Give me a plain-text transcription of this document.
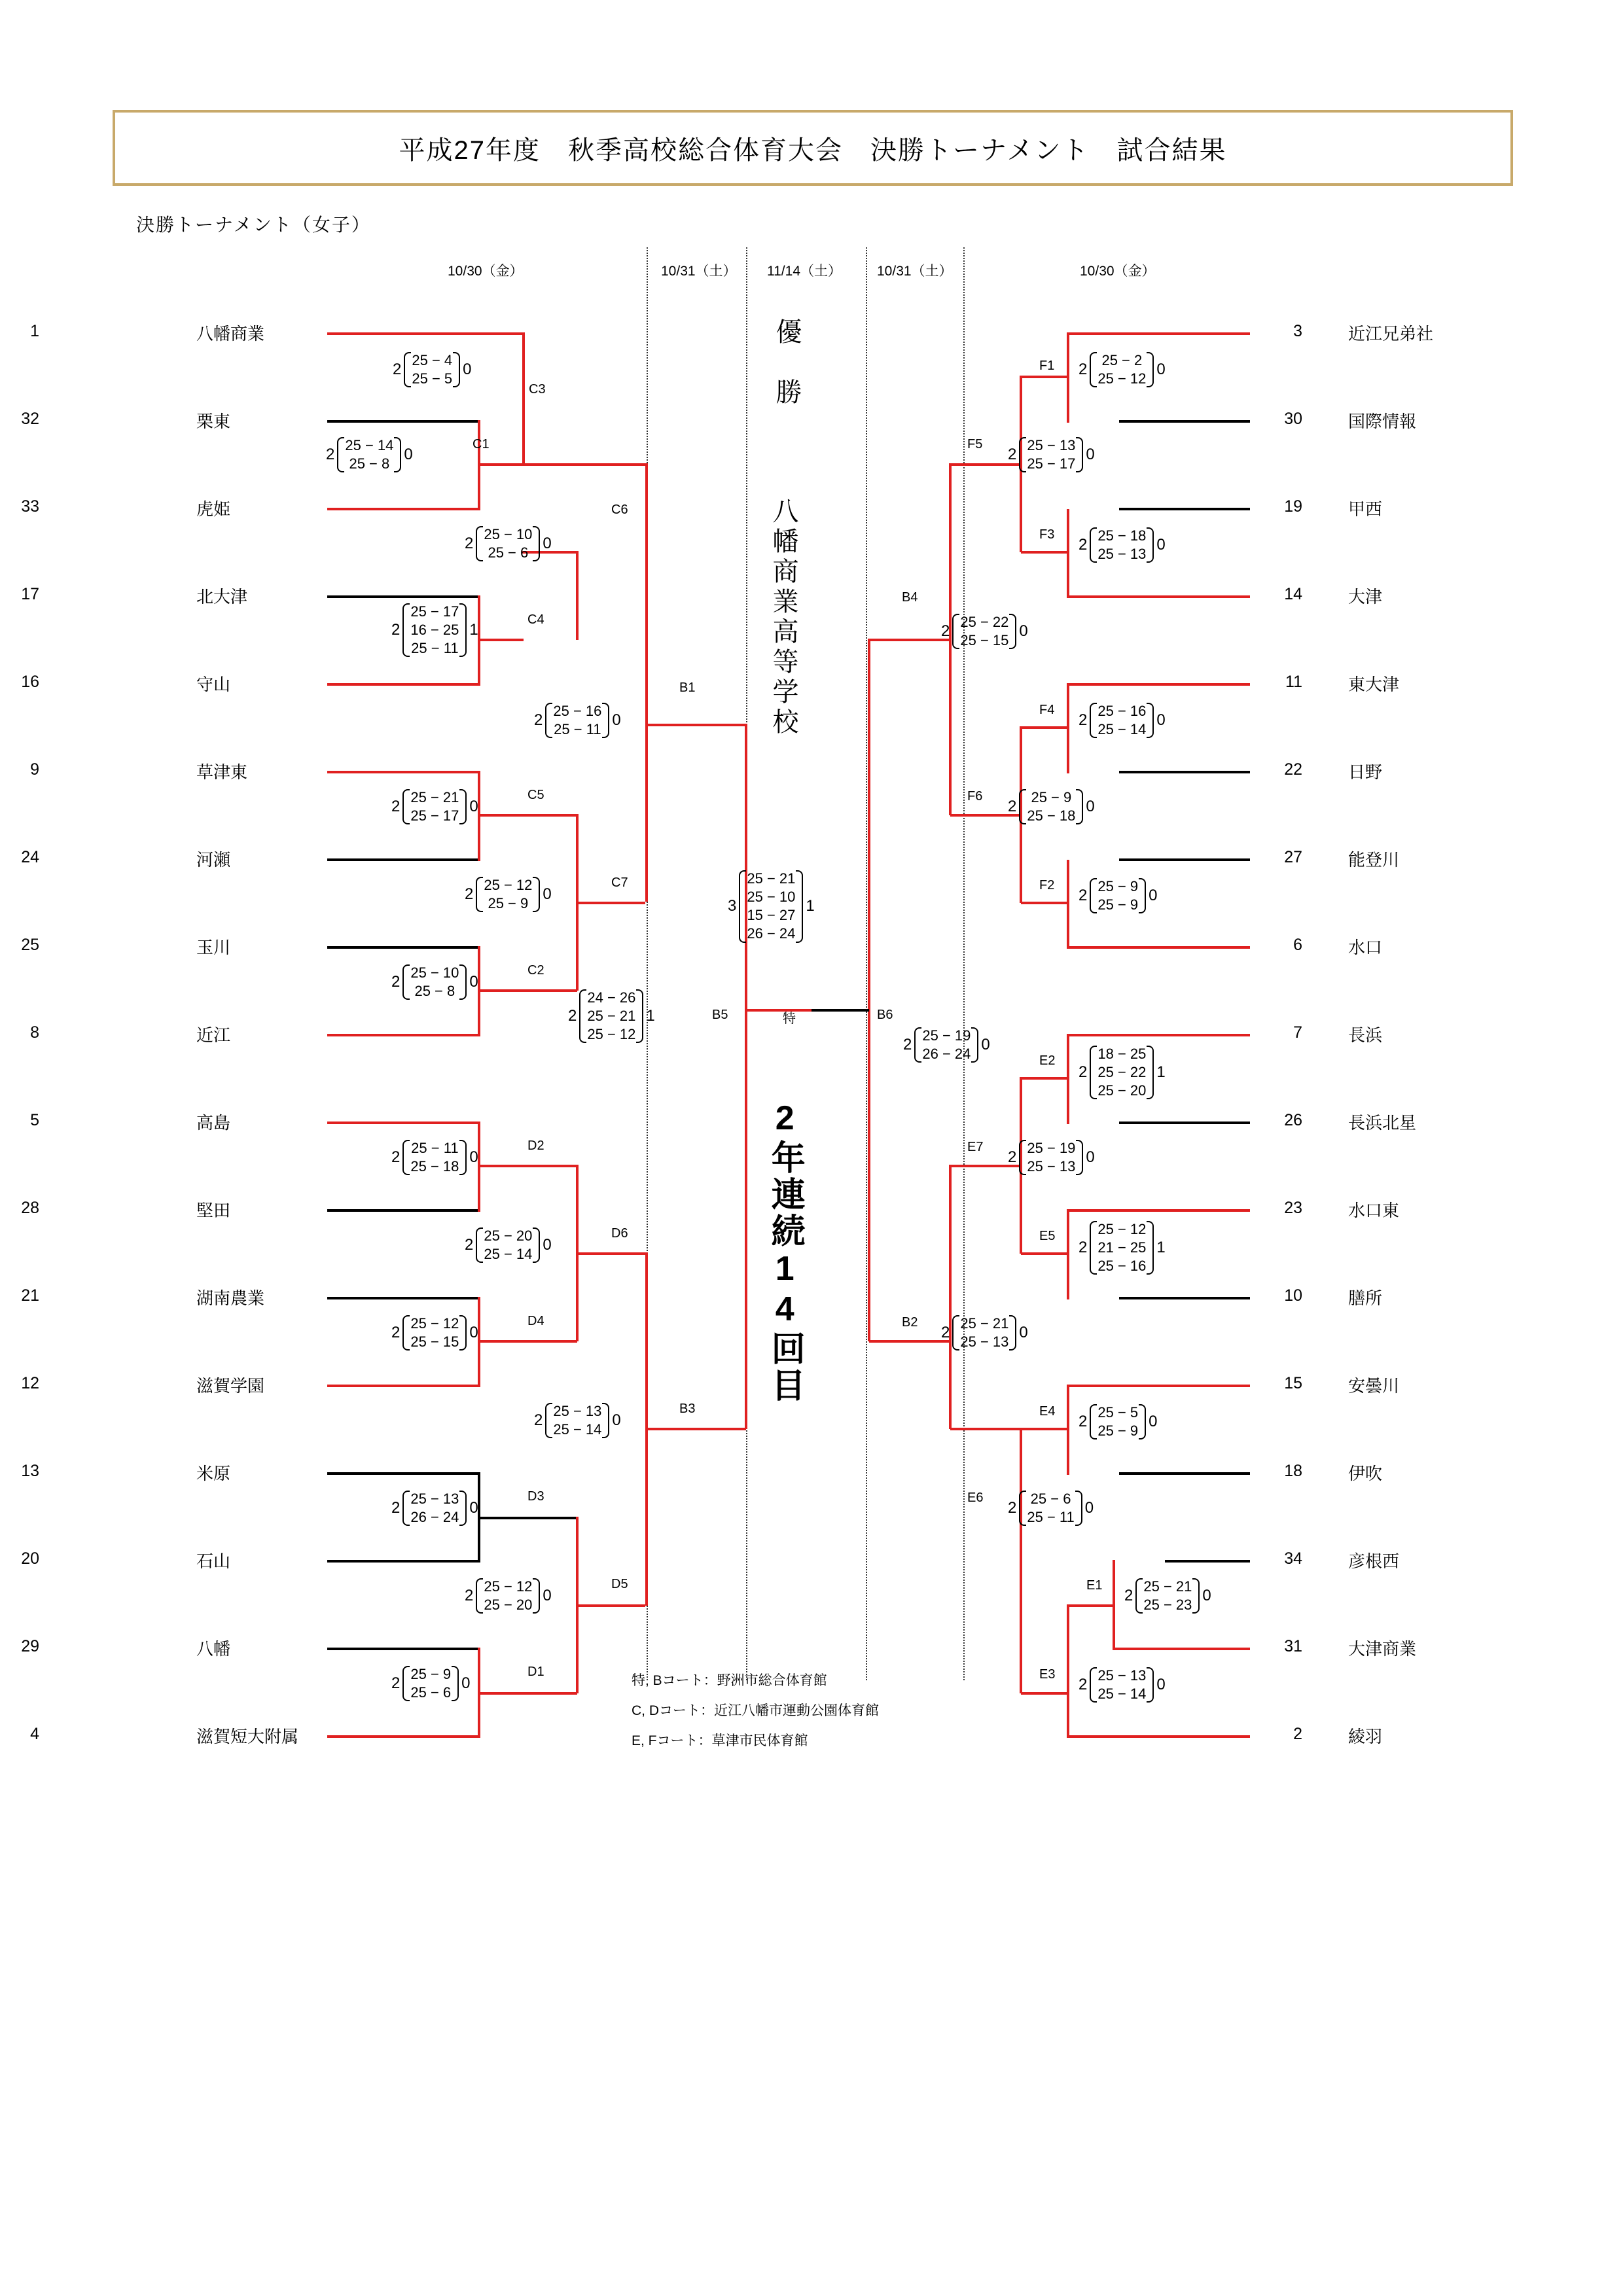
平成27年度　秋季高校総合体育大会　決勝トーナメント　試合結果
決勝トーナメント（女子）
10/30（金）	10/31（土） 11/14（土）	10/31（土）	10/30（金）
1	八幡商業
32	栗東
33	虎姫
17	北大津
16	守山
9	草津東
24	河瀬
25	玉川
8	近江
5	高島
28	堅田
21	湖南農業
12	滋賀学園
13	米原
20	石山
29	八幡
4	滋賀短大附属
3	近江兄弟社
30	国際情報
19	甲西
14	大津
11	東大津
22	日野
27	能登川
6	水口
7	長浜
26	長浜北星
23	水口東
10	膳所
15	安曇川
18	伊吹
34	彦根西
31	大津商業
2	綾羽
2
25 − 4
25 − 5
0
C3
2
25 − 14
25 − 8
0
C1
2
25 − 10
25 − 6
0
C6
2
25 − 17
16 − 25
25 − 11
1
C4
2
25 − 16
25 − 11
0
B1
2
25 − 21
25 − 17
0
C5
2
25 − 12
25 − 9
0
C7
2
25 − 10
25 − 8
0
C2
2
24 − 26
25 − 21
25 − 12
1	B5
2
25 − 11
25 − 18
0
D2
2
25 − 20
25 − 14
0
D6
2
25 − 12
25 − 15
0
D4
2
25 − 13
25 − 14
0
B3
2
25 − 13
26 − 24
0
D3
2
25 − 12
25 − 20
0
D5
2
25 − 9
25 − 6
0
D1
3
25 − 21
25 − 10
15 − 27
26 − 24
1
特
2
25 − 2
25 − 12
0
F1
2
25 − 13
25 − 17
0
F5
2
25 − 18
25 − 13
0
F3
2
25 − 22
25 − 15
0
B4
2
25 − 16
25 − 14
0
F4
2
25 − 9
25 − 18
0
F6
2
25 − 9
25 − 9
0
F2
2
25 − 19
26 − 24
0
B6
2
18 − 25
25 − 22
25 − 20
1
E2
2
25 − 19
25 − 13
0
E7
2
25 − 12
21 − 25
25 − 16
1
E5
2
25 − 21
25 − 13
0
B2
2
25 − 5
25 − 9
0
E4
2
25 − 6
25 − 11
0
E6
2
25 − 21
25 − 23
0
E1
2
25 − 13
25 − 14
0
E3
優　勝
八幡商業高等学校
2年連続14回目
特, Bコート：野洲市総合体育館
C, Dコート：近江八幡市運動公園体育館
E, Fコート：草津市民体育館
